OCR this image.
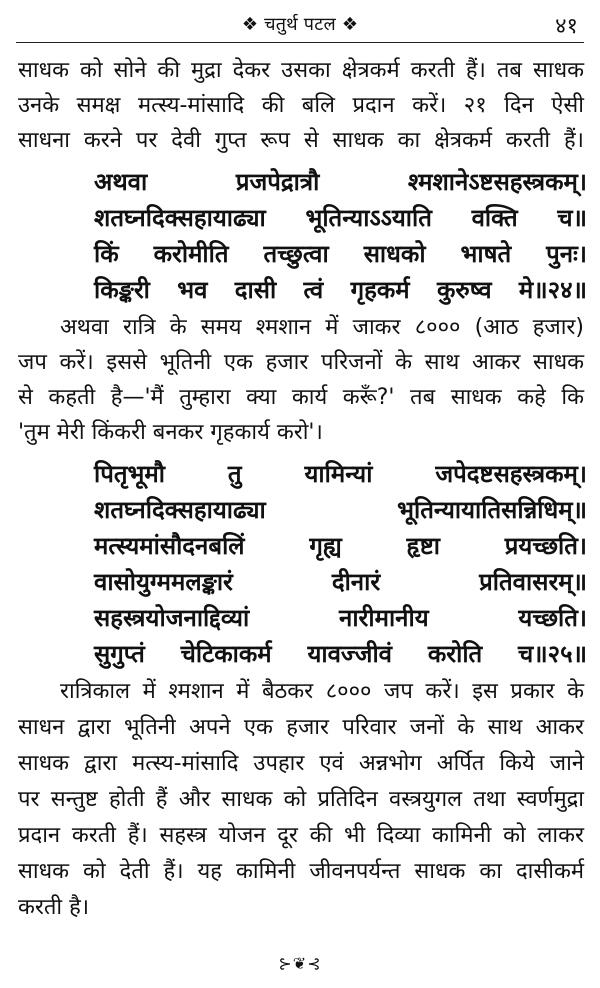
❖ चतुर्थ पटल ❖	४१
साधक को सोने की मुद्रा देकर उसका क्षेत्रकर्म करती हैं। तब साधक
उनके समक्ष मत्स्य-मांसादि की बलि प्रदान करें। २१ दिन ऐसी
साधना करने पर देवी गुप्त रूप से साधक का क्षेत्रकर्म करती हैं।
अथवा प्रजपेद्रात्रौ श्मशानेऽष्टसहस्त्रकम्।
शतघ्नदिक्सहायाढ्या भूतिन्याऽऽयाति वक्ति च॥
किं करोमीति तच्छुत्वा साधको भाषते पुनः।
किङ्करी भव दासी त्वं गृहकर्म कुरुष्व मे॥२४॥
अथवा रात्रि के समय श्मशान में जाकर ८००० (आठ हजार)
जप करें। इससे भूतिनी एक हजार परिजनों के साथ आकर साधक
से कहती है—'मैं तुम्हारा क्या कार्य करूँ?' तब साधक कहे कि
'तुम मेरी किंकरी बनकर गृहकार्य करो'।
पितृभूमौ तु यामिन्यां जपेदष्टसहस्त्रकम्।
शतघ्नदिक्सहायाढ्या भूतिन्यायातिसन्निधिम्॥
मत्स्यमांसौदनबलिं गृह्य हृष्टा प्रयच्छति।
वासोयुग्ममलङ्कारं दीनारं प्रतिवासरम्॥
सहस्त्रयोजनाद्दिव्यां नारीमानीय यच्छति।
सुगुप्तं चेटिकाकर्म यावज्जीवं करोति च॥२५॥
रात्रिकाल में श्मशान में बैठकर ८००० जप करें। इस प्रकार के
साधन द्वारा भूतिनी अपने एक हजार परिवार जनों के साथ आकर
साधक द्वारा मत्स्य-मांसादि उपहार एवं अन्नभोग अर्पित किये जाने
पर सन्तुष्ट होती हैं और साधक को प्रतिदिन वस्त्रयुगल तथा स्वर्णमुद्रा
प्रदान करती हैं। सहस्त्र योजन दूर की भी दिव्या कामिनी को लाकर
साधक को देती हैं। यह कामिनी जीवनपर्यन्त साधक का दासीकर्म
करती है।
⊱❦⊰
